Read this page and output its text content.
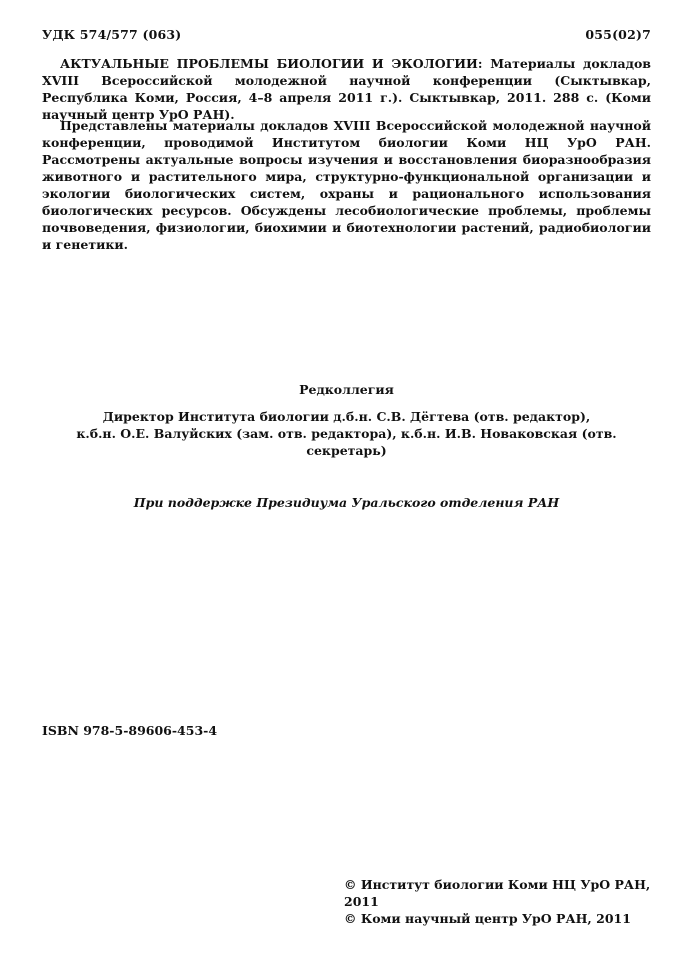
УДК 574/577 (063)	055(02)7

АКТУАЛЬНЫЕ ПРОБЛЕМЫ БИОЛОГИИ И ЭКОЛОГИИ: Материалы докладов XVIII Всероссийской молодежной научной конференции (Сыктывкар, Республика Коми, Россия, 4–8 апреля 2011 г.). Сыктывкар, 2011. 288 с. (Коми научный центр УрО РАН).

Представлены материалы докладов XVIII Всероссийской молодежной научной конференции, проводимой Институтом биологии Коми НЦ УрО РАН. Рассмотрены актуальные вопросы изучения и восстановления биоразнообразия животного и растительного мира, структурно-функциональной организации и экологии биологических систем, охраны и рационального использования биологических ресурсов. Обсуждены лесобиологические проблемы, проблемы почвоведения, физиологии, биохимии и биотехнологии растений, радиобиологии и генетики.

Редколлегия
Директор Института биологии д.б.н. С.В. Дёгтева (отв. редактор),
к.б.н. О.Е. Валуйских (зам. отв. редактора), к.б.н. И.В. Новаковская (отв. секретарь)
При поддержке Президиума Уральского отделения РАН
ISBN 978-5-89606-453-4
© Институт биологии Коми НЦ УрО РАН, 2011
© Коми научный центр УрО РАН, 2011
